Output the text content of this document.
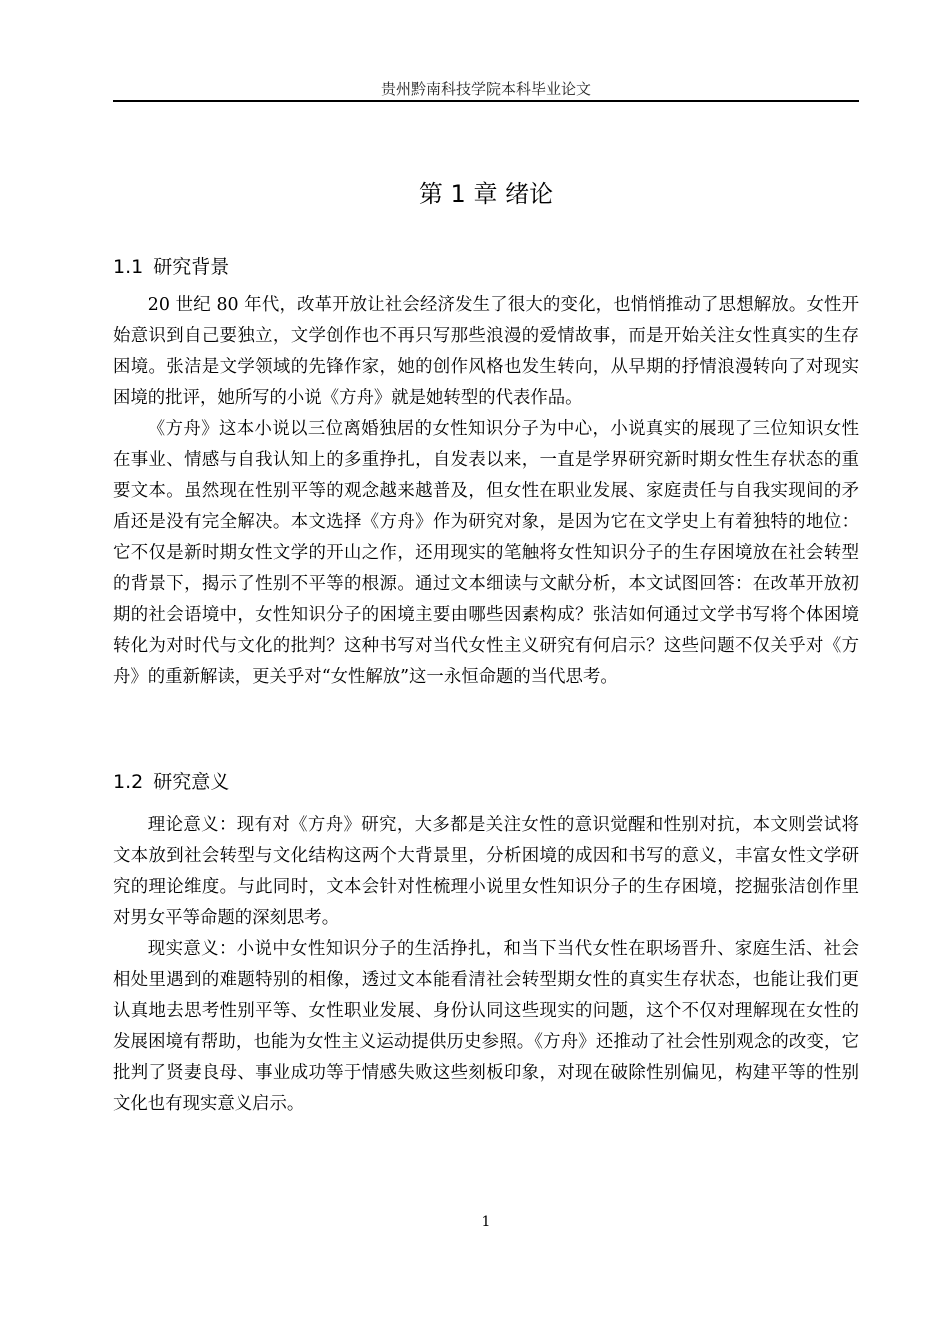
贵州黔南科技学院本科毕业论文
第 1 章 绪论
1.1 研究背景

20 世纪 80 年代，改革开放让社会经济发生了很大的变化，也悄悄推动了思想解放。女性开始意识到自己要独立，文学创作也不再只写那些浪漫的爱情故事，而是开始关注女性真实的生存困境。张洁是文学领域的先锋作家，她的创作风格也发生转向，从早期的抒情浪漫转向了对现实困境的批评，她所写的小说《方舟》就是她转型的代表作品。

《方舟》这本小说以三位离婚独居的女性知识分子为中心，小说真实的展现了三位知识女性在事业、情感与自我认知上的多重挣扎，自发表以来，一直是学界研究新时期女性生存状态的重要文本。虽然现在性别平等的观念越来越普及，但女性在职业发展、家庭责任与自我实现间的矛盾还是没有完全解决。本文选择《方舟》作为研究对象，是因为它在文学史上有着独特的地位：它不仅是新时期女性文学的开山之作，还用现实的笔触将女性知识分子的生存困境放在社会转型的背景下，揭示了性别不平等的根源。通过文本细读与文献分析，本文试图回答：在改革开放初期的社会语境中，女性知识分子的困境主要由哪些因素构成？张洁如何通过文学书写将个体困境转化为对时代与文化的批判？这种书写对当代女性主义研究有何启示？这些问题不仅关乎对《方舟》的重新解读，更关乎对“女性解放”这一永恒命题的当代思考。

1.2 研究意义

理论意义：现有对《方舟》研究，大多都是关注女性的意识觉醒和性别对抗，本文则尝试将文本放到社会转型与文化结构这两个大背景里，分析困境的成因和书写的意义，丰富女性文学研究的理论维度。与此同时，文本会针对性梳理小说里女性知识分子的生存困境，挖掘张洁创作里对男女平等命题的深刻思考。

现实意义：小说中女性知识分子的生活挣扎，和当下当代女性在职场晋升、家庭生活、社会相处里遇到的难题特别的相像，透过文本能看清社会转型期女性的真实生存状态，也能让我们更认真地去思考性别平等、女性职业发展、身份认同这些现实的问题，这个不仅对理解现在女性的发展困境有帮助，也能为女性主义运动提供历史参照。《方舟》还推动了社会性别观念的改变，它批判了贤妻良母、事业成功等于情感失败这些刻板印象，对现在破除性别偏见，构建平等的性别文化也有现实意义启示。

1
